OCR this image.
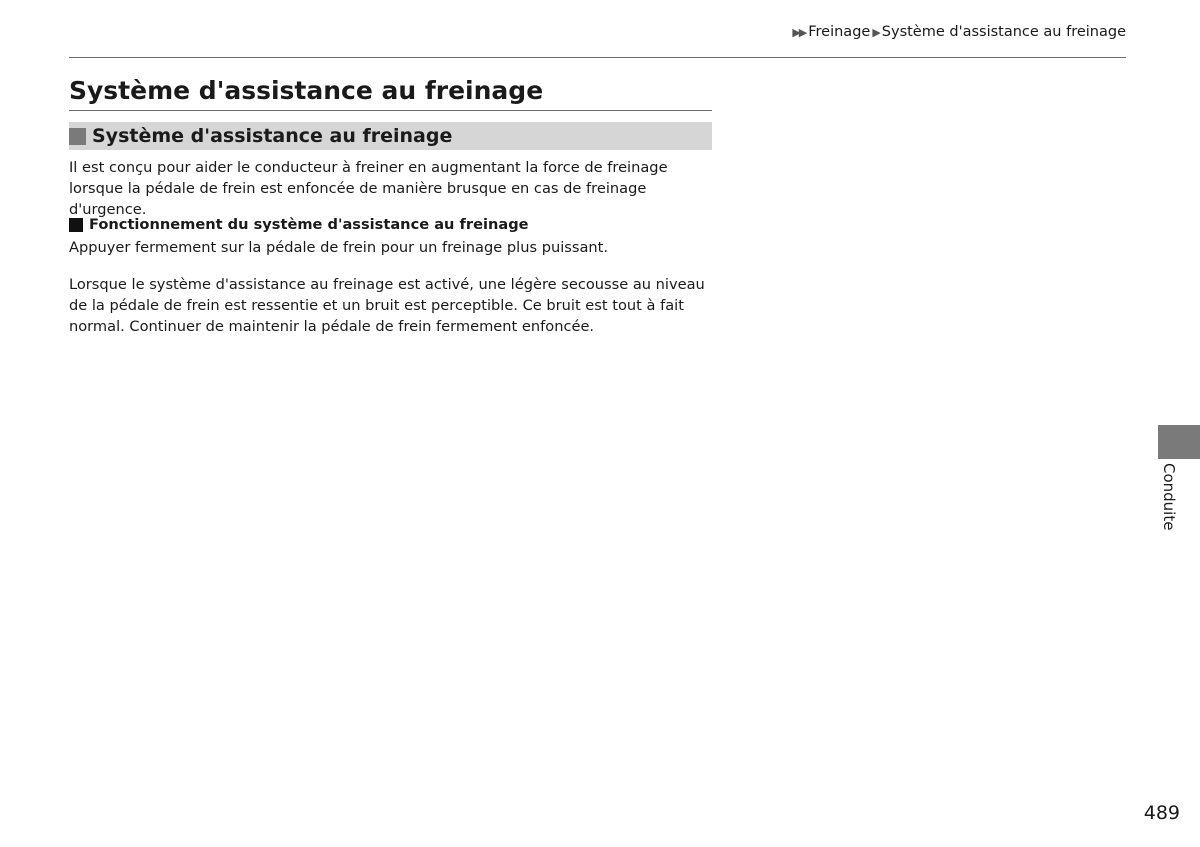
▶▶ Freinage ▶ Système d'assistance au freinage
Système d'assistance au freinage
Système d'assistance au freinage

Il est conçu pour aider le conducteur à freiner en augmentant la force de freinage lorsque la pédale de frein est enfoncée de manière brusque en cas de freinage d'urgence.

Fonctionnement du système d'assistance au freinage

Appuyer fermement sur la pédale de frein pour un freinage plus puissant.

Lorsque le système d'assistance au freinage est activé, une légère secousse au niveau de la pédale de frein est ressentie et un bruit est perceptible. Ce bruit est tout à fait normal. Continuer de maintenir la pédale de frein fermement enfoncée.

Conduite
489
